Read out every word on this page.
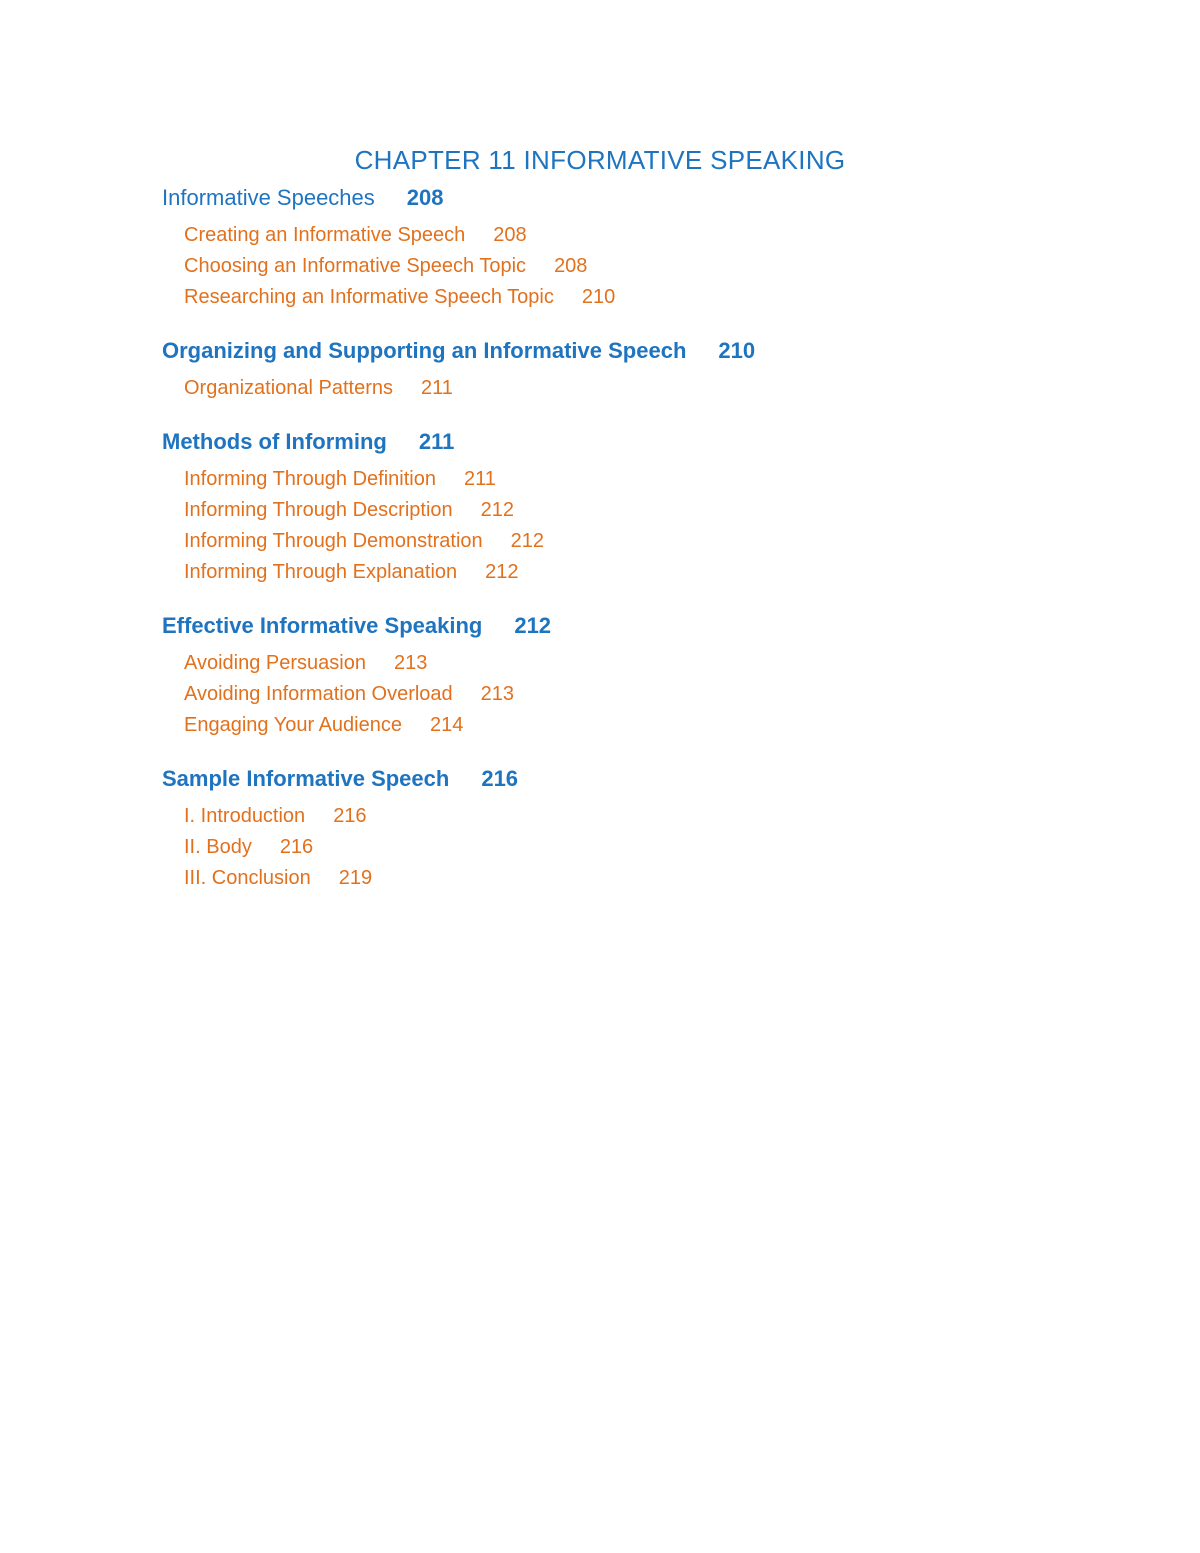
CHAPTER 11 INFORMATIVE SPEAKING
Informative Speeches 208
Creating an Informative Speech 208
Choosing an Informative Speech Topic 208
Researching an Informative Speech Topic 210
Organizing and Supporting an Informative Speech 210
Organizational Patterns 211
Methods of Informing 211
Informing Through Definition 211
Informing Through Description 212
Informing Through Demonstration 212
Informing Through Explanation 212
Effective Informative Speaking 212
Avoiding Persuasion 213
Avoiding Information Overload 213
Engaging Your Audience 214
Sample Informative Speech 216
I. Introduction 216
II. Body 216
III. Conclusion 219
